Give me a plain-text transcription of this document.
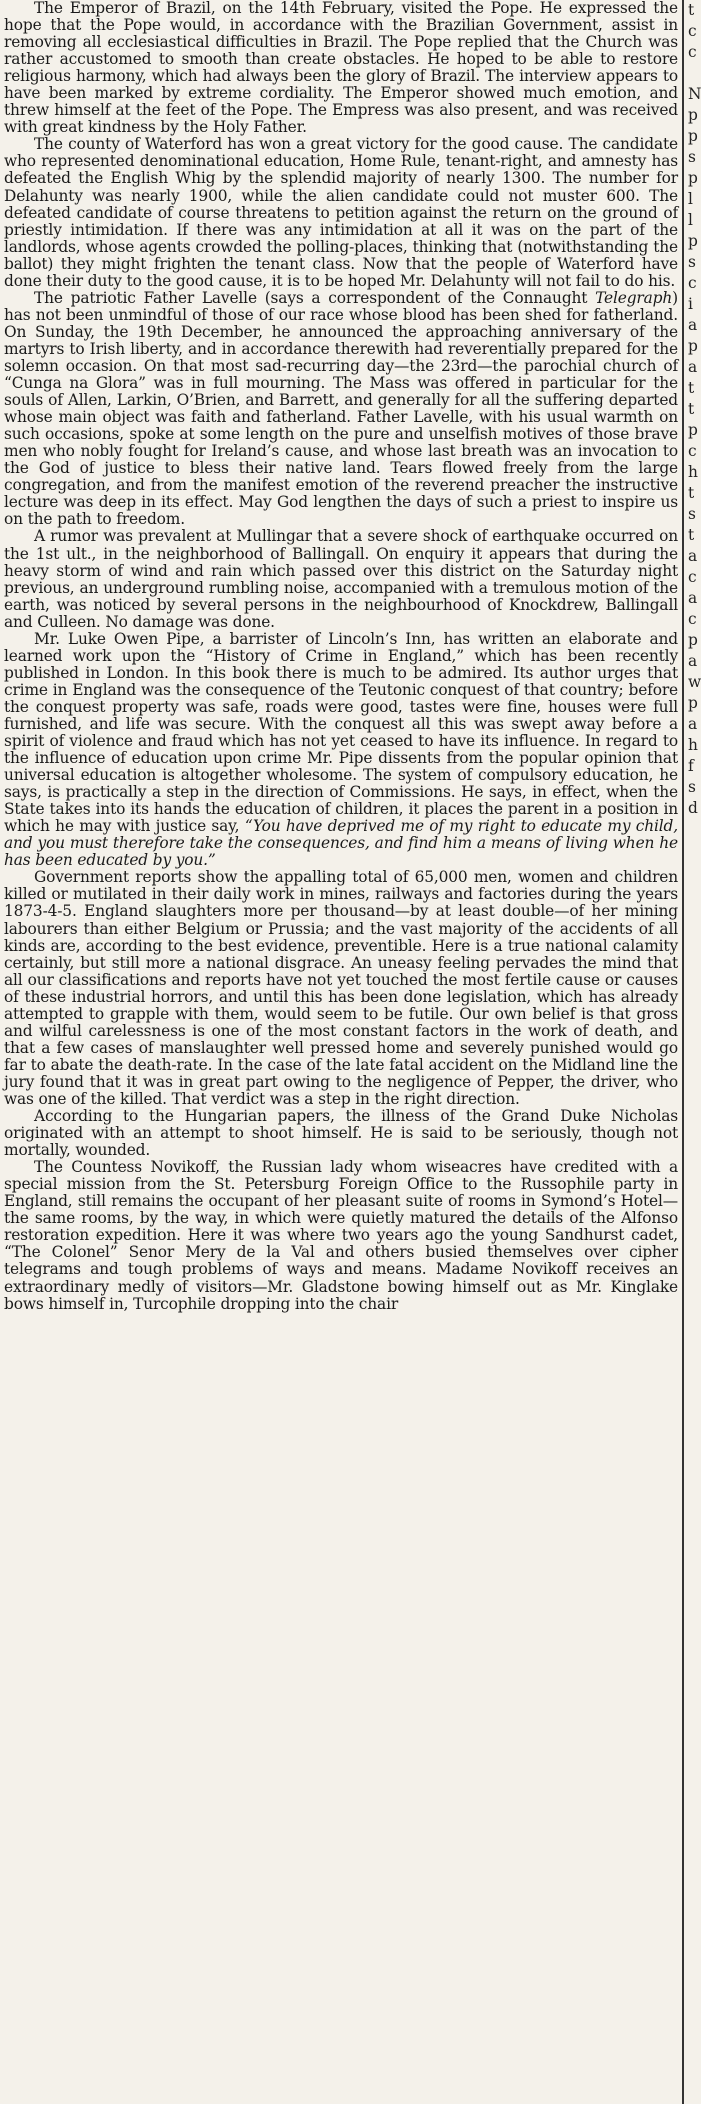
The Emperor of Brazil, on the 14th February, visited the Pope. He expressed the hope that the Pope would, in accordance with the Brazilian Government, assist in removing all ecclesiastical difficulties in Brazil. The Pope replied that the Church was rather accustomed to smooth than create obstacles. He hoped to be able to restore religious harmony, which had always been the glory of Brazil. The interview appears to have been marked by extreme cordiality. The Emperor showed much emotion, and threw himself at the feet of the Pope. The Empress was also present, and was received with great kindness by the Holy Father.

The county of Waterford has won a great victory for the good cause. The candidate who represented denominational education, Home Rule, tenant-right, and amnesty has defeated the English Whig by the splendid majority of nearly 1300. The number for Delahunty was nearly 1900, while the alien candidate could not muster 600. The defeated candidate of course threatens to petition against the return on the ground of priestly intimidation. If there was any intimidation at all it was on the part of the landlords, whose agents crowded the polling-places, thinking that (notwithstanding the ballot) they might frighten the tenant class. Now that the people of Waterford have done their duty to the good cause, it is to be hoped Mr. Delahunty will not fail to do his.

The patriotic Father Lavelle (says a correspondent of the Connaught Telegraph) has not been unmindful of those of our race whose blood has been shed for fatherland. On Sunday, the 19th December, he announced the approaching anniversary of the martyrs to Irish liberty, and in accordance therewith had reverentially prepared for the solemn occasion. On that most sad-recurring day—the 23rd—the parochial church of “Cunga na Glora” was in full mourning. The Mass was offered in particular for the souls of Allen, Larkin, O’Brien, and Barrett, and generally for all the suffering departed whose main object was faith and fatherland. Father Lavelle, with his usual warmth on such occasions, spoke at some length on the pure and unselfish motives of those brave men who nobly fought for Ireland’s cause, and whose last breath was an invocation to the God of justice to bless their native land. Tears flowed freely from the large congregation, and from the manifest emotion of the reverend preacher the instructive lecture was deep in its effect. May God lengthen the days of such a priest to inspire us on the path to freedom.

A rumor was prevalent at Mullingar that a severe shock of earthquake occurred on the 1st ult., in the neighborhood of Ballingall. On enquiry it appears that during the heavy storm of wind and rain which passed over this district on the Saturday night previous, an underground rumbling noise, accompanied with a tremulous motion of the earth, was noticed by several persons in the neighbourhood of Knockdrew, Ballingall and Culleen. No damage was done.

Mr. Luke Owen Pipe, a barrister of Lincoln’s Inn, has written an elaborate and learned work upon the “History of Crime in England,” which has been recently published in London. In this book there is much to be admired. Its author urges that crime in England was the consequence of the Teutonic conquest of that country; before the conquest property was safe, roads were good, tastes were fine, houses were full furnished, and life was secure. With the conquest all this was swept away before a spirit of violence and fraud which has not yet ceased to have its influence. In regard to the influence of education upon crime Mr. Pipe dissents from the popular opinion that universal education is altogether wholesome. The system of compulsory education, he says, is practically a step in the direction of Commissions. He says, in effect, when the State takes into its hands the education of children, it places the parent in a position in which he may with justice say, “You have deprived me of my right to educate my child, and you must therefore take the consequences, and find him a means of living when he has been educated by you.”

Government reports show the appalling total of 65,000 men, women and children killed or mutilated in their daily work in mines, railways and factories during the years 1873-4-5. England slaughters more per thousand—by at least double—of her mining labourers than either Belgium or Prussia; and the vast majority of the accidents of all kinds are, according to the best evidence, preventible. Here is a true national calamity certainly, but still more a national disgrace. An uneasy feeling pervades the mind that all our classifications and reports have not yet touched the most fertile cause or causes of these industrial horrors, and until this has been done legislation, which has already attempted to grapple with them, would seem to be futile. Our own belief is that gross and wilful carelessness is one of the most constant factors in the work of death, and that a few cases of manslaughter well pressed home and severely punished would go far to abate the death-rate. In the case of the late fatal accident on the Midland line the jury found that it was in great part owing to the negligence of Pepper, the driver, who was one of the killed. That verdict was a step in the right direction.

According to the Hungarian papers, the illness of the Grand Duke Nicholas originated with an attempt to shoot himself. He is said to be seriously, though not mortally, wounded.

The Countess Novikoff, the Russian lady whom wiseacres have credited with a special mission from the St. Petersburg Foreign Office to the Russophile party in England, still remains the occupant of her pleasant suite of rooms in Symond’s Hotel—the same rooms, by the way, in which were quietly matured the details of the Alfonso restoration expedition. Here it was where two years ago the young Sandhurst cadet, “The Colonel” Senor Mery de la Val and others busied themselves over cipher telegrams and tough problems of ways and means. Madame Novikoff receives an extraordinary medly of visitors—Mr. Gladstone bowing himself out as Mr. Kinglake bows himself in, Turcophile dropping into the chair

t
c
c

N
p
p
s
p
l
l
p
s
c
i
a
p
a
t
t
p
c
h
t
s
t
a
c
a
c
p
a
w
p
a
h
f
s
d
